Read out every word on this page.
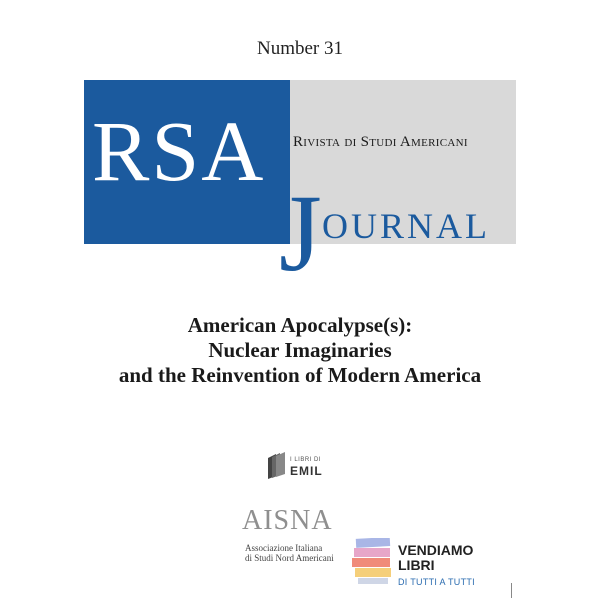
Number 31
RSA	Rivista di Studi Americani
J OURNAL
American Apocalypse(s):
Nuclear Imaginaries
and the Reinvention of Modern America
I LIBRI DI
EMIL
AISNA
Associazione Italiana
di Studi Nord Americani	VENDIAMO
LIBRI
DI TUTTI A TUTTI
